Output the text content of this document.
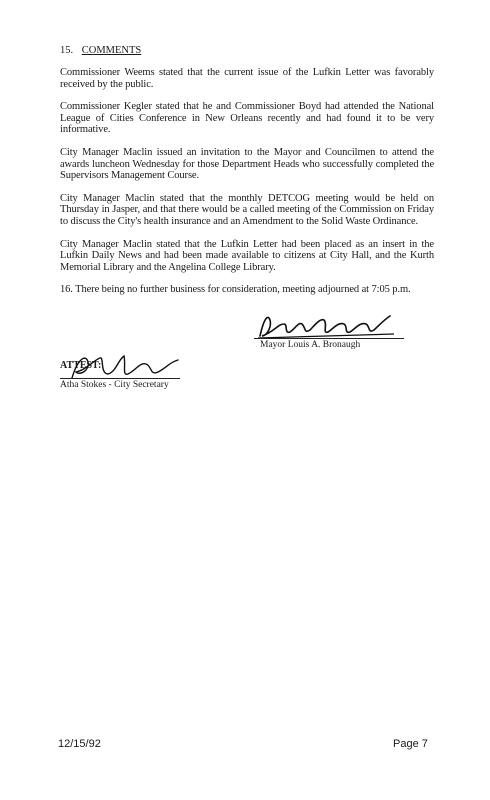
15. COMMENTS

Commissioner Weems stated that the current issue of the Lufkin Letter was favorably received by the public.

Commissioner Kegler stated that he and Commissioner Boyd had attended the National League of Cities Conference in New Orleans recently and had found it to be very informative.

City Manager Maclin issued an invitation to the Mayor and Councilmen to attend the awards luncheon Wednesday for those Department Heads who successfully completed the Supervisors Management Course.

City Manager Maclin stated that the monthly DETCOG meeting would be held on Thursday in Jasper, and that there would be a called meeting of the Commission on Friday to discuss the City's health insurance and an Amendment to the Solid Waste Ordinance.

City Manager Maclin stated that the Lufkin Letter had been placed as an insert in the Lufkin Daily News and had been made available to citizens at City Hall, and the Kurth Memorial Library and the Angelina College Library.

16. There being no further business for consideration, meeting adjourned at 7:05 p.m.

Mayor Louis A. Bronaugh
ATTEST:
Atha Stokes - City Secretary
12/15/92	Page 7
